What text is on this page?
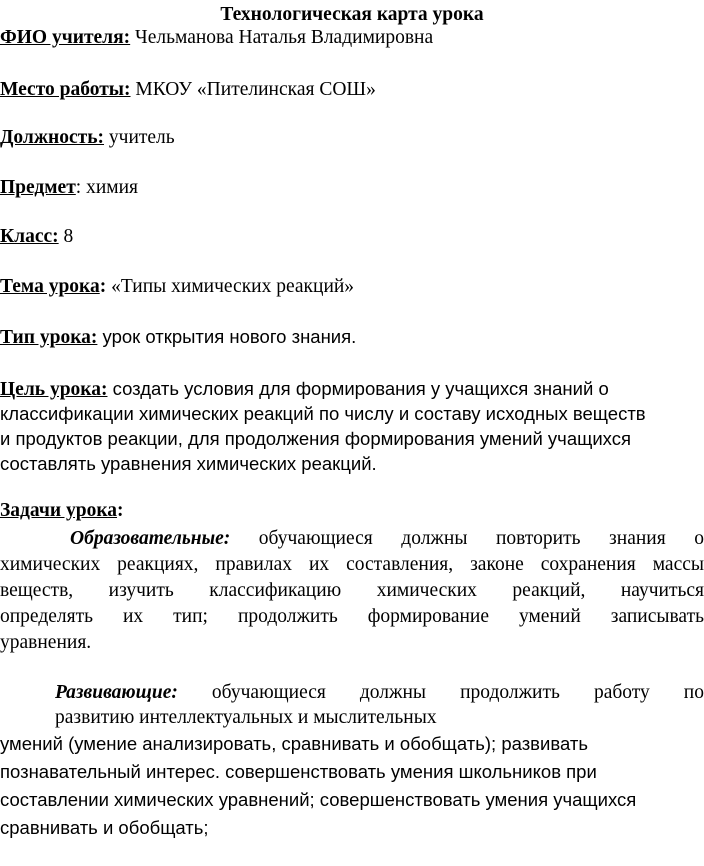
Технологическая карта урока
ФИО учителя: Чельманова Наталья Владимировна
Место работы: МКОУ «Пителинская СОШ»
Должность: учитель
Предмет: химия
Класс: 8
Тема урока: «Типы химических реакций»
Тип урока: урок открытия нового знания.
Цель урока: создать условия для формирования у учащихся знаний о
классификации химических реакций по числу и составу исходных веществ
и продуктов реакции, для продолжения формирования умений учащихся
составлять уравнения химических реакций.
Задачи урока:
Образовательные: обучающиеся должны повторить знания о
химических реакциях, правилах их составления, законе сохранения массы
веществ, изучить классификацию химических реакций, научиться
определять их тип; продолжить формирование умений записывать
уравнения.
Развивающие: обучающиеся должны продолжить работу по
развитию интеллектуальных и мыслительных
умений (умение анализировать, сравнивать и обобщать); развивать
познавательный интерес. совершенствовать умения школьников при
составлении химических уравнений; совершенствовать умения учащихся
сравнивать и обобщать;
